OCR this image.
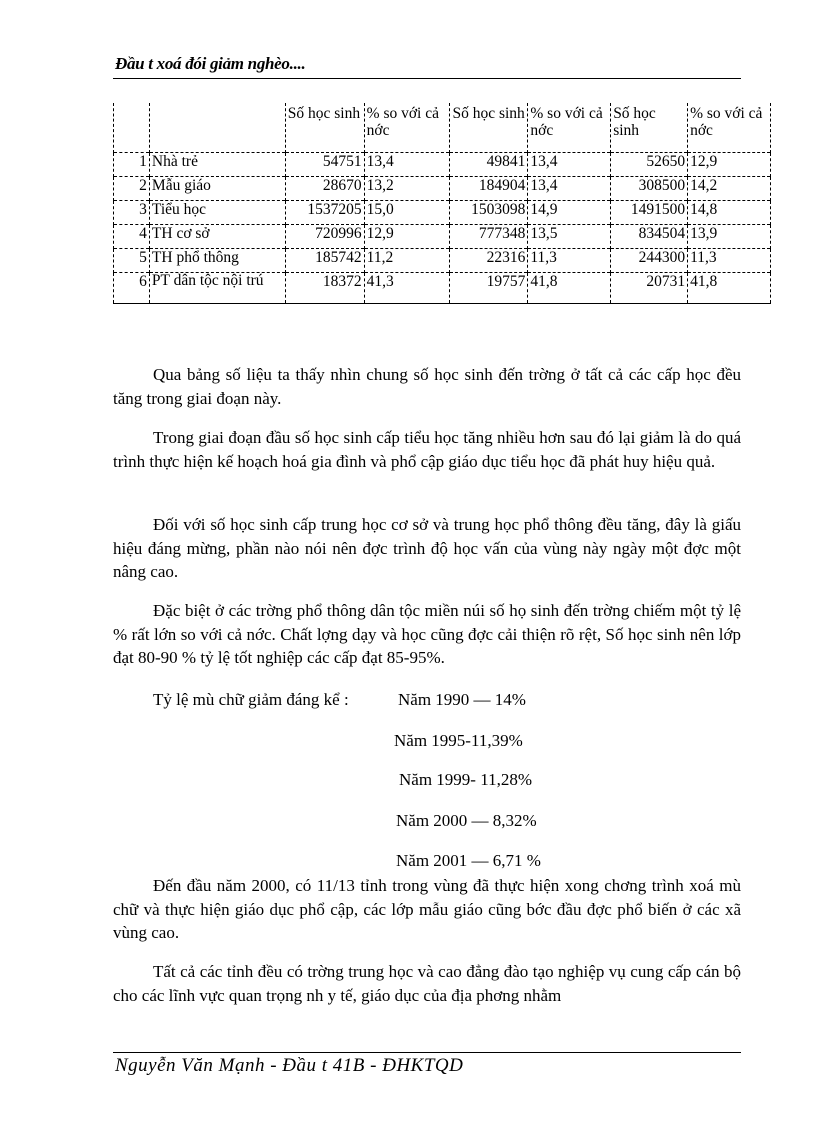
Đầu t xoá đói giảm nghèo....
		Số học sinh	% so với cả nớc	Số học sinh	% so với cả nớc	Số học sinh	% so với cả nớc
1	Nhà trẻ	54751	13,4	49841	13,4	52650	12,9
2	Mẫu giáo	28670	13,2	184904	13,4	308500	14,2
3	Tiểu học	1537205	15,0	1503098	14,9	1491500	14,8
4	TH cơ sở	720996	12,9	777348	13,5	834504	13,9
5	TH phổ thông	185742	11,2	22316	11,3	244300	11,3
6	PT dân tộc nội trú	18372	41,3	19757	41,8	20731	41,8

Qua bảng số liệu ta thấy nhìn chung số học sinh đến trờng ở tất cả các cấp học đều tăng trong giai đoạn này.

Trong giai đoạn đầu số học sinh cấp tiểu học tăng nhiều hơn sau đó lại giảm là do quá trình thực hiện kế hoạch hoá gia đình và phổ cập giáo dục tiểu học đã phát huy hiệu quả.

Đối với số học sinh cấp trung học cơ sở và trung học phổ thông đều tăng, đây là giấu hiệu đáng mừng, phần nào nói nên đợc trình độ học vấn của vùng này ngày một đợc một nâng cao.

Đặc biệt ở các trờng phổ thông dân tộc miền núi số họ sinh đến trờng chiếm một tỷ lệ % rất lớn so với cả nớc. Chất lợng dạy và học cũng đợc cải thiện rõ rệt, Số học sinh nên lớp đạt 80-90 % tỷ lệ tốt nghiệp các cấp đạt 85-95%.

Tỷ lệ mù chữ giảm đáng kể :	Năm 1990 — 14%
Năm 1995-11,39%
Năm 1999- 11,28%
Năm 2000 — 8,32%
Năm 2001 — 6,71 %

Đến đầu năm 2000, có 11/13 tỉnh trong vùng đã thực hiện xong chơng trình xoá mù chữ và thực hiện giáo dục phổ cập, các lớp mẫu giáo cũng bớc đầu đợc phổ biến ở các xã vùng cao.

Tất cả các tỉnh đều có trờng trung học và cao đẳng đào tạo nghiệp vụ cung cấp cán bộ cho các lĩnh vực quan trọng nh y tế, giáo dục của địa phơng nhằm

Nguyễn Văn Mạnh - Đầu t 41B - ĐHKTQD
